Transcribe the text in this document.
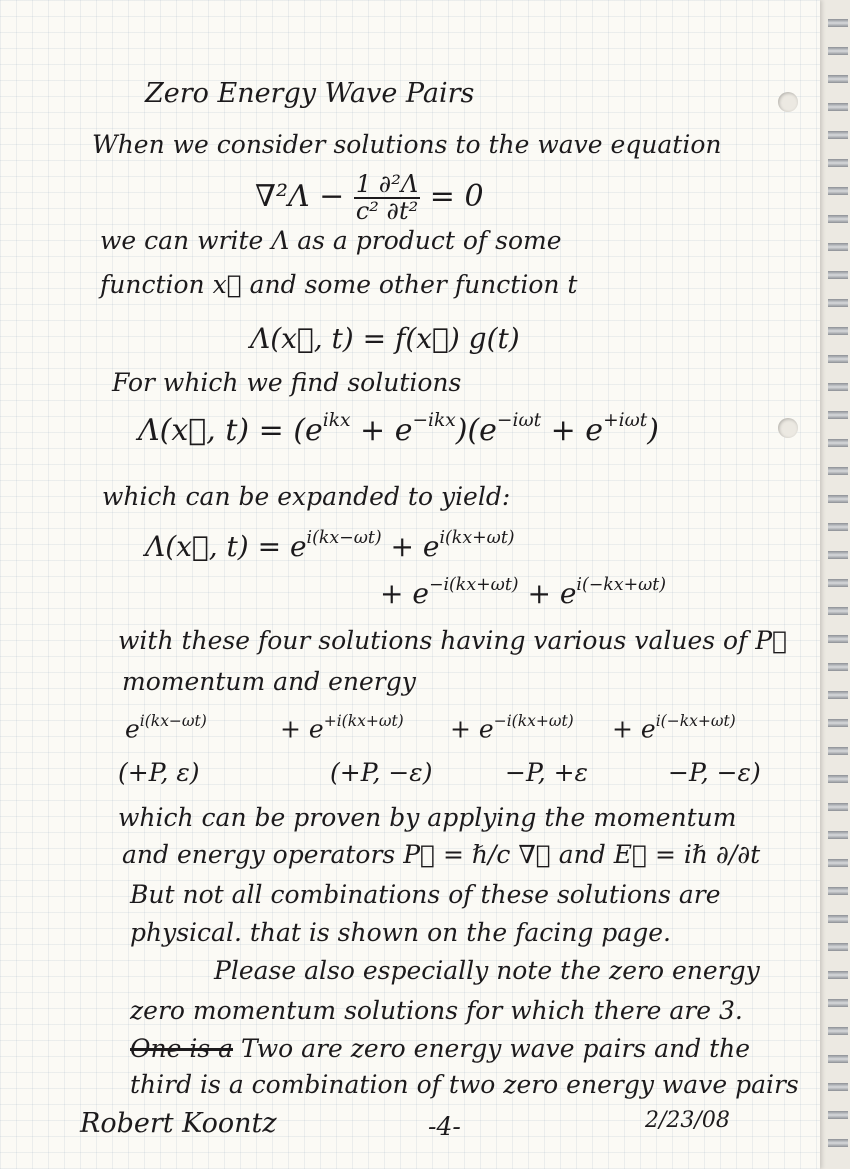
Zero Energy Wave Pairs
When we consider solutions to the wave equation
$\nabla^2\Lambda - \frac{\text{1 ∂²Λ}}{\text{c² ∂t²}} = 0$
we can write Λ as a product of some
function x⃗ and some other function t
Λ(x⃗, t) = f(x⃗) g(t)
For which we find solutions
Λ(x⃗, $t) = (e^{ikx} + e^{-ikx})(e^{-i\omega t} + e^{+i\omega t})$
which can be expanded to yield:
Λ(x⃗, $t) = e^{i(kx-\omega t)} + e^{i(kx+\omega t)}$
+ $e^{-i(kx+\omega t)} + e^{i(-kx+\omega t)}$
with these four solutions having various values of P⃗
momentum and energy
$e^{i(kx-\omega t)}$	+ $e^{+i(kx+\omega t)} + e^{-i(kx+\omega t)} + e^{i(-kx+\omega t)}$
(+P, ε)	(+P, −ε)	−P, +ε	−P, −ε)
which can be proven by applying the momentum
and energy operators P⃗ = ℏ/c ∇⃗ and E⃗ = iℏ ∂/∂t
But not all combinations of these solutions are
physical. that is shown on the facing page.
Please also especially note the zero energy
zero momentum solutions for which there are 3.
One is a Two are zero energy wave pairs and the
third is a combination of two zero energy wave pairs
Robert Koontz	-4-	2/23/08
